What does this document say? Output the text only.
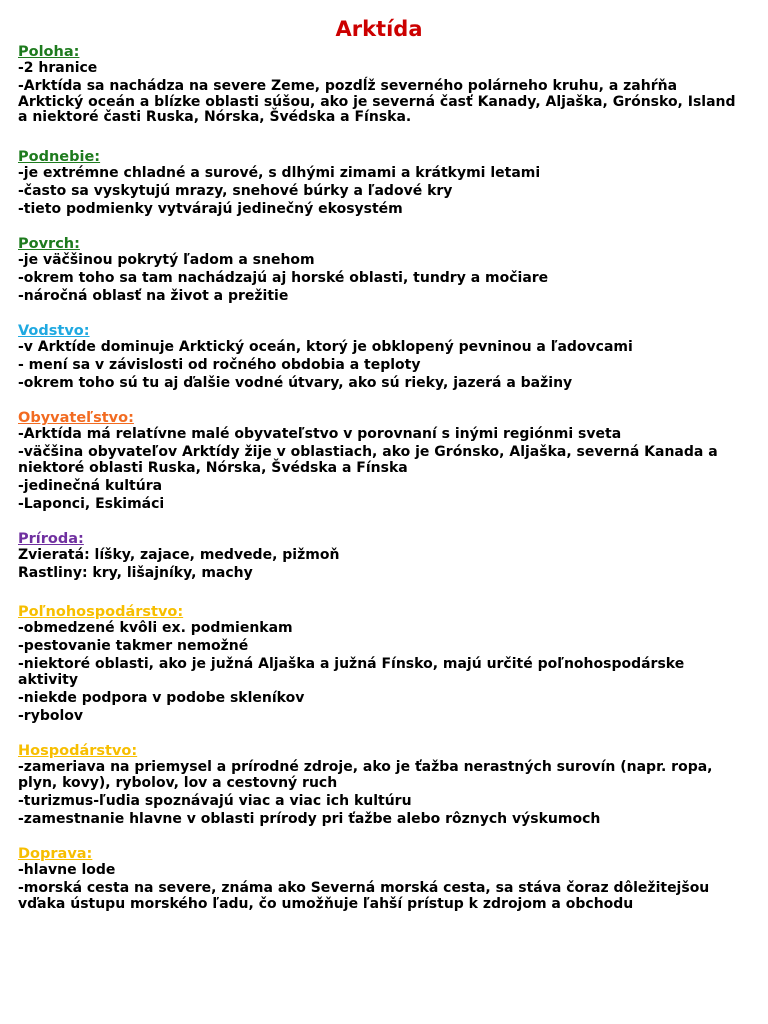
Arktída
Poloha:
-2 hranice
-Arktída sa nachádza na severe Zeme, pozdĺž severného polárneho kruhu, a zahŕňa Arktický oceán a blízke oblasti súšou, ako je severná časť Kanady, Aljaška, Grónsko, Island a niektoré časti Ruska, Nórska, Švédska a Fínska.
Podnebie:
-je extrémne chladné a surové, s dlhými zimami a krátkymi letami
-často sa vyskytujú mrazy, snehové búrky a ľadové kry
-tieto podmienky vytvárajú jedinečný ekosystém
Povrch:
-je väčšinou pokrytý ľadom a snehom
-okrem toho sa tam nachádzajú aj horské oblasti, tundry a močiare
-náročná oblasť na život a prežitie
Vodstvo:
-v Arktíde dominuje Arktický oceán, ktorý je obklopený pevninou a ľadovcami
- mení sa v závislosti od ročného obdobia a teploty
-okrem toho sú tu aj ďalšie vodné útvary, ako sú rieky, jazerá a bažiny
Obyvateľstvo:
-Arktída má relatívne malé obyvateľstvo v porovnaní s inými regiónmi sveta
-väčšina obyvateľov Arktídy žije v oblastiach, ako je Grónsko, Aljaška, severná Kanada a niektoré oblasti Ruska, Nórska, Švédska a Fínska
-jedinečná kultúra
-Laponci, Eskimáci
Príroda:
Zvieratá: líšky, zajace, medvede, pižmoň
Rastliny: kry, lišajníky, machy
Poľnohospodárstvo:
-obmedzené kvôli ex. podmienkam
-pestovanie takmer nemožné
-niektoré oblasti, ako je južná Aljaška a južná Fínsko, majú určité poľnohospodárske aktivity
-niekde podpora v podobe skleníkov
-rybolov
Hospodárstvo:
-zameriava na priemysel a prírodné zdroje, ako je ťažba nerastných surovín (napr. ropa, plyn, kovy), rybolov, lov a cestovný ruch
-turizmus-ľudia spoznávajú viac a viac ich kultúru
-zamestnanie hlavne v oblasti prírody pri ťažbe alebo rôznych výskumoch
Doprava:
-hlavne lode
-morská cesta na severe, známa ako Severná morská cesta, sa stáva čoraz dôležitejšou vďaka ústupu morského ľadu, čo umožňuje ľahší prístup k zdrojom a obchodu
